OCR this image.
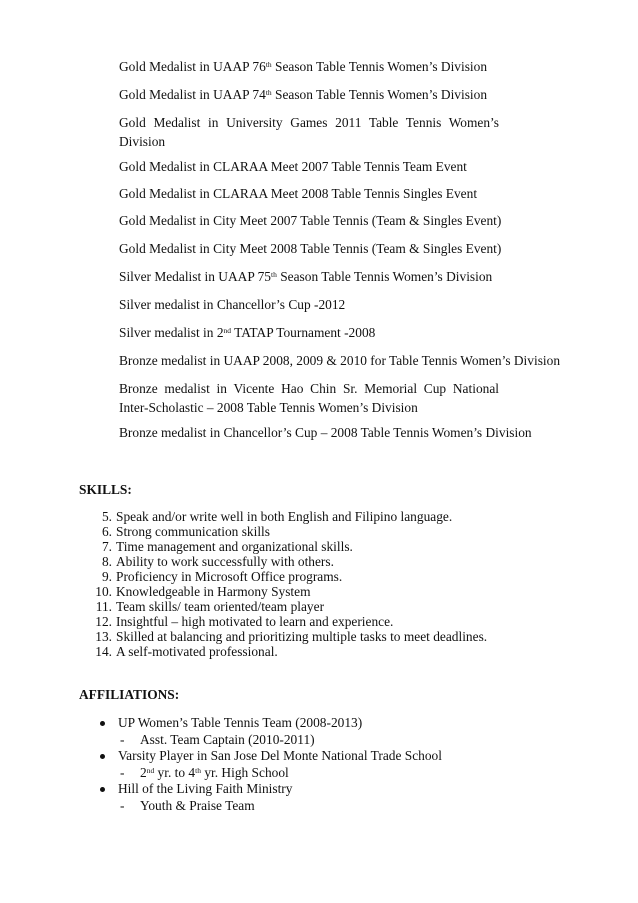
Gold Medalist in UAAP 76th Season Table Tennis Women’s Division

Gold Medalist in UAAP 74th Season Table Tennis Women’s Division

Gold Medalist in University Games 2011 Table Tennis Women’s Division

Gold Medalist in CLARAA Meet 2007 Table Tennis Team Event

Gold Medalist in CLARAA Meet 2008 Table Tennis Singles Event

Gold Medalist in City Meet 2007 Table Tennis (Team & Singles Event)

Gold Medalist in City Meet 2008 Table Tennis (Team & Singles Event)

Silver Medalist in UAAP 75th Season Table Tennis Women’s Division

Silver medalist in Chancellor’s Cup -2012

Silver medalist in 2nd TATAP Tournament -2008

Bronze medalist in UAAP 2008, 2009 & 2010 for Table Tennis Women’s Division

Bronze medalist in Vicente Hao Chin Sr. Memorial Cup National Inter-Scholastic – 2008 Table Tennis Women’s Division

Bronze medalist in Chancellor’s Cup – 2008 Table Tennis Women’s Division

SKILLS:

5. Speak and/or write well in both English and Filipino language.
6. Strong communication skills
7. Time management and organizational skills.
8. Ability to work successfully with others.
9. Proficiency in Microsoft Office programs.
10. Knowledgeable in Harmony System
11. Team skills/ team oriented/team player
12. Insightful – high motivated to learn and experience.
13. Skilled at balancing and prioritizing multiple tasks to meet deadlines.
14. A self-motivated professional.

AFFILIATIONS:

UP Women’s Table Tennis Team (2008-2013)
- Asst. Team Captain (2010-2011)
Varsity Player in San Jose Del Monte National Trade School
- 2nd yr. to 4th yr. High School
Hill of the Living Faith Ministry
- Youth & Praise Team
